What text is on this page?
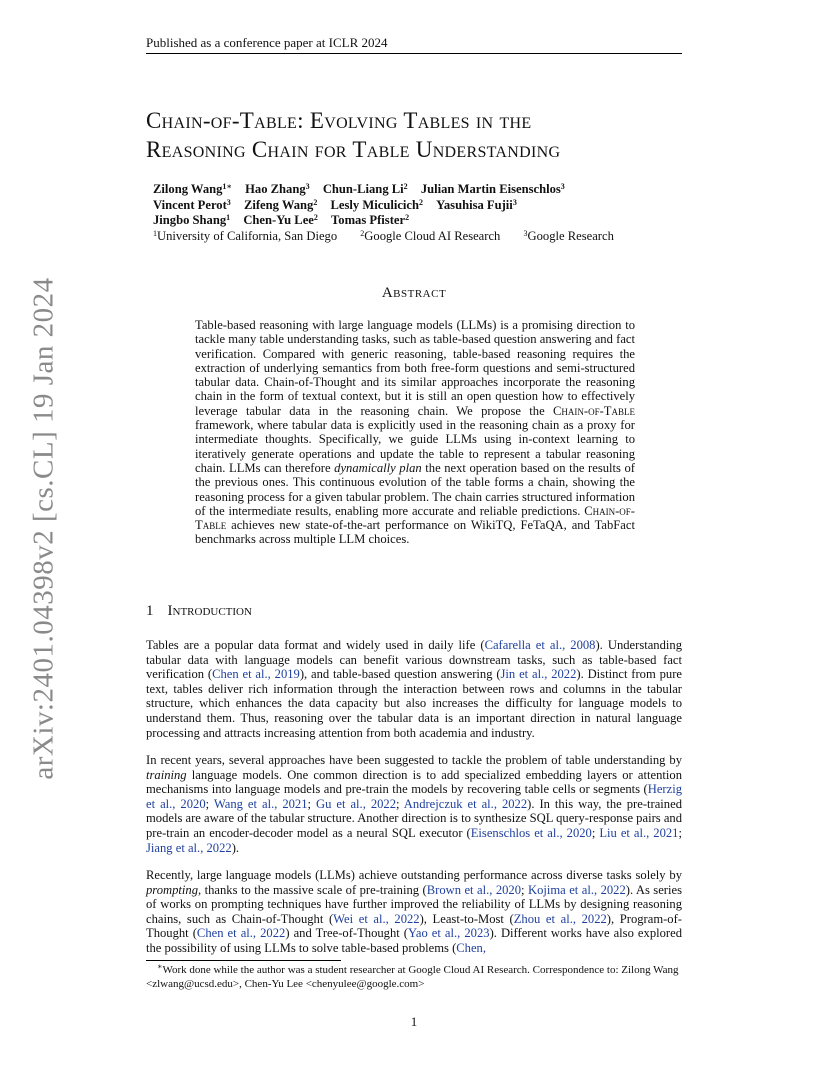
Published as a conference paper at ICLR 2024
arXiv:2401.04398v2 [cs.CL] 19 Jan 2024
Chain-of-Table: Evolving Tables in the
Reasoning Chain for Table Understanding
Zilong Wang$^{1∗}$ Hao Zhang$^3$ Chun-Liang Li$^2$ Julian Martin Eisenschlos$^3$
Vincent Perot$^3$ Zifeng Wang$^2$ Lesly Miculicich$^2$ Yasuhisa Fujii$^3$
Jingbo Shang$^1$ Chen-Yu Lee$^2$ Tomas Pfister$^2$
$^1$University of California, San Diego	$^2$Google Cloud AI Research	$^3$Google Research
Abstract
Table-based reasoning with large language models (LLMs) is a promising direction to tackle many table understanding tasks, such as table-based question answering and fact verification. Compared with generic reasoning, table-based reasoning requires the extraction of underlying semantics from both free-form questions and semi-structured tabular data. Chain-of-Thought and its similar approaches incorporate the reasoning chain in the form of textual context, but it is still an open question how to effectively leverage tabular data in the reasoning chain. We propose the Chain-of-Table framework, where tabular data is explicitly used in the reasoning chain as a proxy for intermediate thoughts. Specifically, we guide LLMs using in-context learning to iteratively generate operations and update the table to represent a tabular reasoning chain. LLMs can therefore dynamically plan the next operation based on the results of the previous ones. This continuous evolution of the table forms a chain, showing the reasoning process for a given tabular problem. The chain carries structured information of the intermediate results, enabling more accurate and reliable predictions. Chain-of-Table achieves new state-of-the-art performance on WikiTQ, FeTaQA, and TabFact benchmarks across multiple LLM choices.
1 Introduction
Tables are a popular data format and widely used in daily life (Cafarella et al., 2008). Understanding tabular data with language models can benefit various downstream tasks, such as table-based fact verification (Chen et al., 2019), and table-based question answering (Jin et al., 2022). Distinct from pure text, tables deliver rich information through the interaction between rows and columns in the tabular structure, which enhances the data capacity but also increases the difficulty for language models to understand them. Thus, reasoning over the tabular data is an important direction in natural language processing and attracts increasing attention from both academia and industry.
In recent years, several approaches have been suggested to tackle the problem of table understanding by training language models. One common direction is to add specialized embedding layers or attention mechanisms into language models and pre-train the models by recovering table cells or segments (Herzig et al., 2020; Wang et al., 2021; Gu et al., 2022; Andrejczuk et al., 2022). In this way, the pre-trained models are aware of the tabular structure. Another direction is to synthesize SQL query-response pairs and pre-train an encoder-decoder model as a neural SQL executor (Eisenschlos et al., 2020; Liu et al., 2021; Jiang et al., 2022).
Recently, large language models (LLMs) achieve outstanding performance across diverse tasks solely by prompting, thanks to the massive scale of pre-training (Brown et al., 2020; Kojima et al., 2022). As series of works on prompting techniques have further improved the reliability of LLMs by designing reasoning chains, such as Chain-of-Thought (Wei et al., 2022), Least-to-Most (Zhou et al., 2022), Program-of-Thought (Chen et al., 2022) and Tree-of-Thought (Yao et al., 2023). Different works have also explored the possibility of using LLMs to solve table-based problems (Chen,
∗Work done while the author was a student researcher at Google Cloud AI Research. Correspondence to: Zilong Wang <zlwang@ucsd.edu>, Chen-Yu Lee <chenyulee@google.com>
1
